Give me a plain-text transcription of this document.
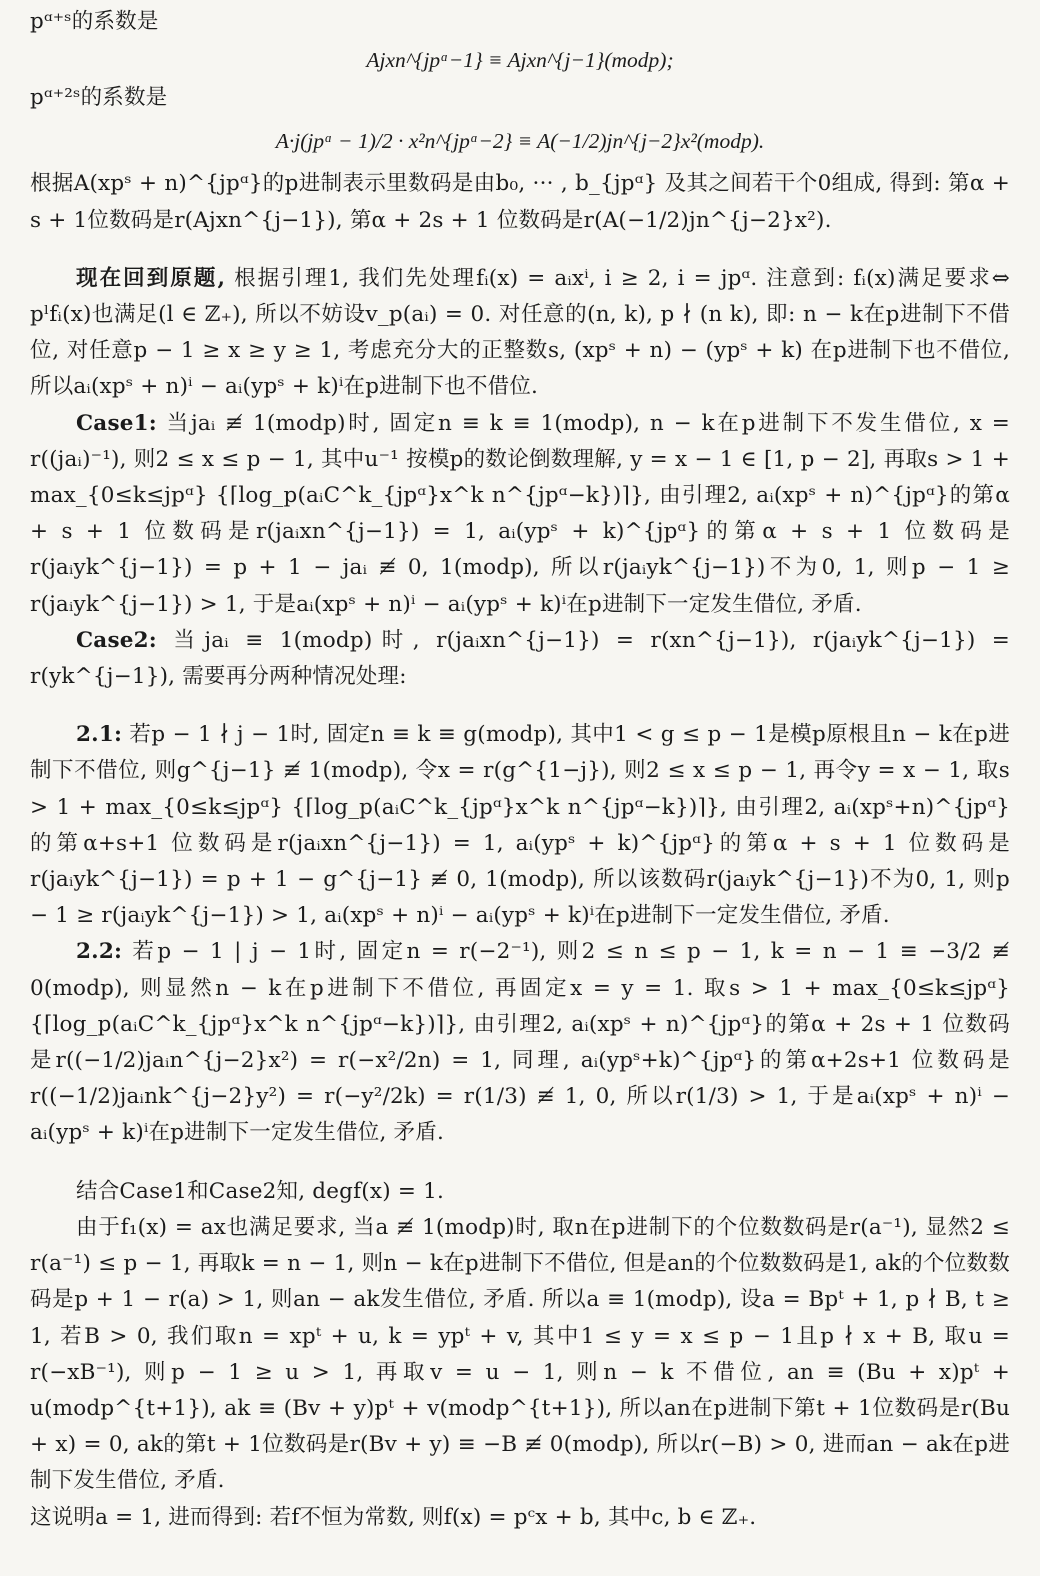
pᵅ⁺ˢ的系数是

Ajxn^{jpᵅ−1} ≡ Ajxn^{j−1}(modp);

pᵅ⁺²ˢ的系数是

A·j(jpᵅ − 1)/2 · x²n^{jpᵅ−2} ≡ A(−1/2)jn^{j−2}x²(modp).

根据A(xpˢ + n)^{jpᵅ}的p进制表示里数码是由b₀, ··· , b_{jpᵅ} 及其之间若干个0组成, 得到: 第α + s + 1位数码是r(Ajxn^{j−1}), 第α + 2s + 1 位数码是r(A(−1/2)jn^{j−2}x²).

现在回到原题, 根据引理1, 我们先处理fᵢ(x) = aᵢxⁱ, i ≥ 2, i = jpᵅ. 注意到: fᵢ(x)满足要求⇔ pˡfᵢ(x)也满足(l ∈ ℤ₊), 所以不妨设v_p(aᵢ) = 0. 对任意的(n, k), p ∤ (n k), 即: n − k在p进制下不借位, 对任意p − 1 ≥ x ≥ y ≥ 1, 考虑充分大的正整数s, (xpˢ + n) − (ypˢ + k) 在p进制下也不借位, 所以aᵢ(xpˢ + n)ⁱ − aᵢ(ypˢ + k)ⁱ在p进制下也不借位.

Case1: 当jaᵢ ≢ 1(modp)时, 固定n ≡ k ≡ 1(modp), n − k在p进制下不发生借位, x = r((jaᵢ)⁻¹), 则2 ≤ x ≤ p − 1, 其中u⁻¹ 按模p的数论倒数理解, y = x − 1 ∈ [1, p − 2], 再取s > 1 + max_{0≤k≤jpᵅ} {⌈log_p(aᵢC^k_{jpᵅ}x^k n^{jpᵅ−k})⌉}, 由引理2, aᵢ(xpˢ + n)^{jpᵅ}的第α + s + 1 位数码是r(jaᵢxn^{j−1}) = 1, aᵢ(ypˢ + k)^{jpᵅ}的第α + s + 1 位数码是r(jaᵢyk^{j−1}) = p + 1 − jaᵢ ≢ 0, 1(modp), 所以r(jaᵢyk^{j−1})不为0, 1, 则p − 1 ≥ r(jaᵢyk^{j−1}) > 1, 于是aᵢ(xpˢ + n)ⁱ − aᵢ(ypˢ + k)ⁱ在p进制下一定发生借位, 矛盾.

Case2: 当jaᵢ ≡ 1(modp)时, r(jaᵢxn^{j−1}) = r(xn^{j−1}), r(jaᵢyk^{j−1}) = r(yk^{j−1}), 需要再分两种情况处理:

2.1: 若p − 1 ∤ j − 1时, 固定n ≡ k ≡ g(modp), 其中1 < g ≤ p − 1是模p原根且n − k在p进制下不借位, 则g^{j−1} ≢ 1(modp), 令x = r(g^{1−j}), 则2 ≤ x ≤ p − 1, 再令y = x − 1, 取s > 1 + max_{0≤k≤jpᵅ} {⌈log_p(aᵢC^k_{jpᵅ}x^k n^{jpᵅ−k})⌉}, 由引理2, aᵢ(xpˢ+n)^{jpᵅ}的第α+s+1 位数码是r(jaᵢxn^{j−1}) = 1, aᵢ(ypˢ + k)^{jpᵅ}的第α + s + 1 位数码是r(jaᵢyk^{j−1}) = p + 1 − g^{j−1} ≢ 0, 1(modp), 所以该数码r(jaᵢyk^{j−1})不为0, 1, 则p − 1 ≥ r(jaᵢyk^{j−1}) > 1, aᵢ(xpˢ + n)ⁱ − aᵢ(ypˢ + k)ⁱ在p进制下一定发生借位, 矛盾.

2.2: 若p − 1 | j − 1时, 固定n = r(−2⁻¹), 则2 ≤ n ≤ p − 1, k = n − 1 ≡ −3/2 ≢ 0(modp), 则显然n − k在p进制下不借位, 再固定x = y = 1. 取s > 1 + max_{0≤k≤jpᵅ} {⌈log_p(aᵢC^k_{jpᵅ}x^k n^{jpᵅ−k})⌉}, 由引理2, aᵢ(xpˢ + n)^{jpᵅ}的第α + 2s + 1 位数码是r((−1/2)jaᵢn^{j−2}x²) = r(−x²/2n) = 1, 同理, aᵢ(ypˢ+k)^{jpᵅ}的第α+2s+1 位数码是r((−1/2)jaᵢnk^{j−2}y²) = r(−y²/2k) = r(1/3) ≢ 1, 0, 所以r(1/3) > 1, 于是aᵢ(xpˢ + n)ⁱ − aᵢ(ypˢ + k)ⁱ在p进制下一定发生借位, 矛盾.

结合Case1和Case2知, degf(x) = 1.

由于f₁(x) = ax也满足要求, 当a ≢ 1(modp)时, 取n在p进制下的个位数数码是r(a⁻¹), 显然2 ≤ r(a⁻¹) ≤ p − 1, 再取k = n − 1, 则n − k在p进制下不借位, 但是an的个位数数码是1, ak的个位数数码是p + 1 − r(a) > 1, 则an − ak发生借位, 矛盾. 所以a ≡ 1(modp), 设a = Bpᵗ + 1, p ∤ B, t ≥ 1, 若B > 0, 我们取n = xpᵗ + u, k = ypᵗ + v, 其中1 ≤ y = x ≤ p − 1且p ∤ x + B, 取u = r(−xB⁻¹), 则p − 1 ≥ u > 1, 再取v = u − 1, 则n − k 不借位, an ≡ (Bu + x)pᵗ + u(modp^{t+1}), ak ≡ (Bv + y)pᵗ + v(modp^{t+1}), 所以an在p进制下第t + 1位数码是r(Bu + x) = 0, ak的第t + 1位数码是r(Bv + y) ≡ −B ≢ 0(modp), 所以r(−B) > 0, 进而an − ak在p进制下发生借位, 矛盾.

这说明a = 1, 进而得到: 若f不恒为常数, 则f(x) = pᶜx + b, 其中c, b ∈ ℤ₊.
